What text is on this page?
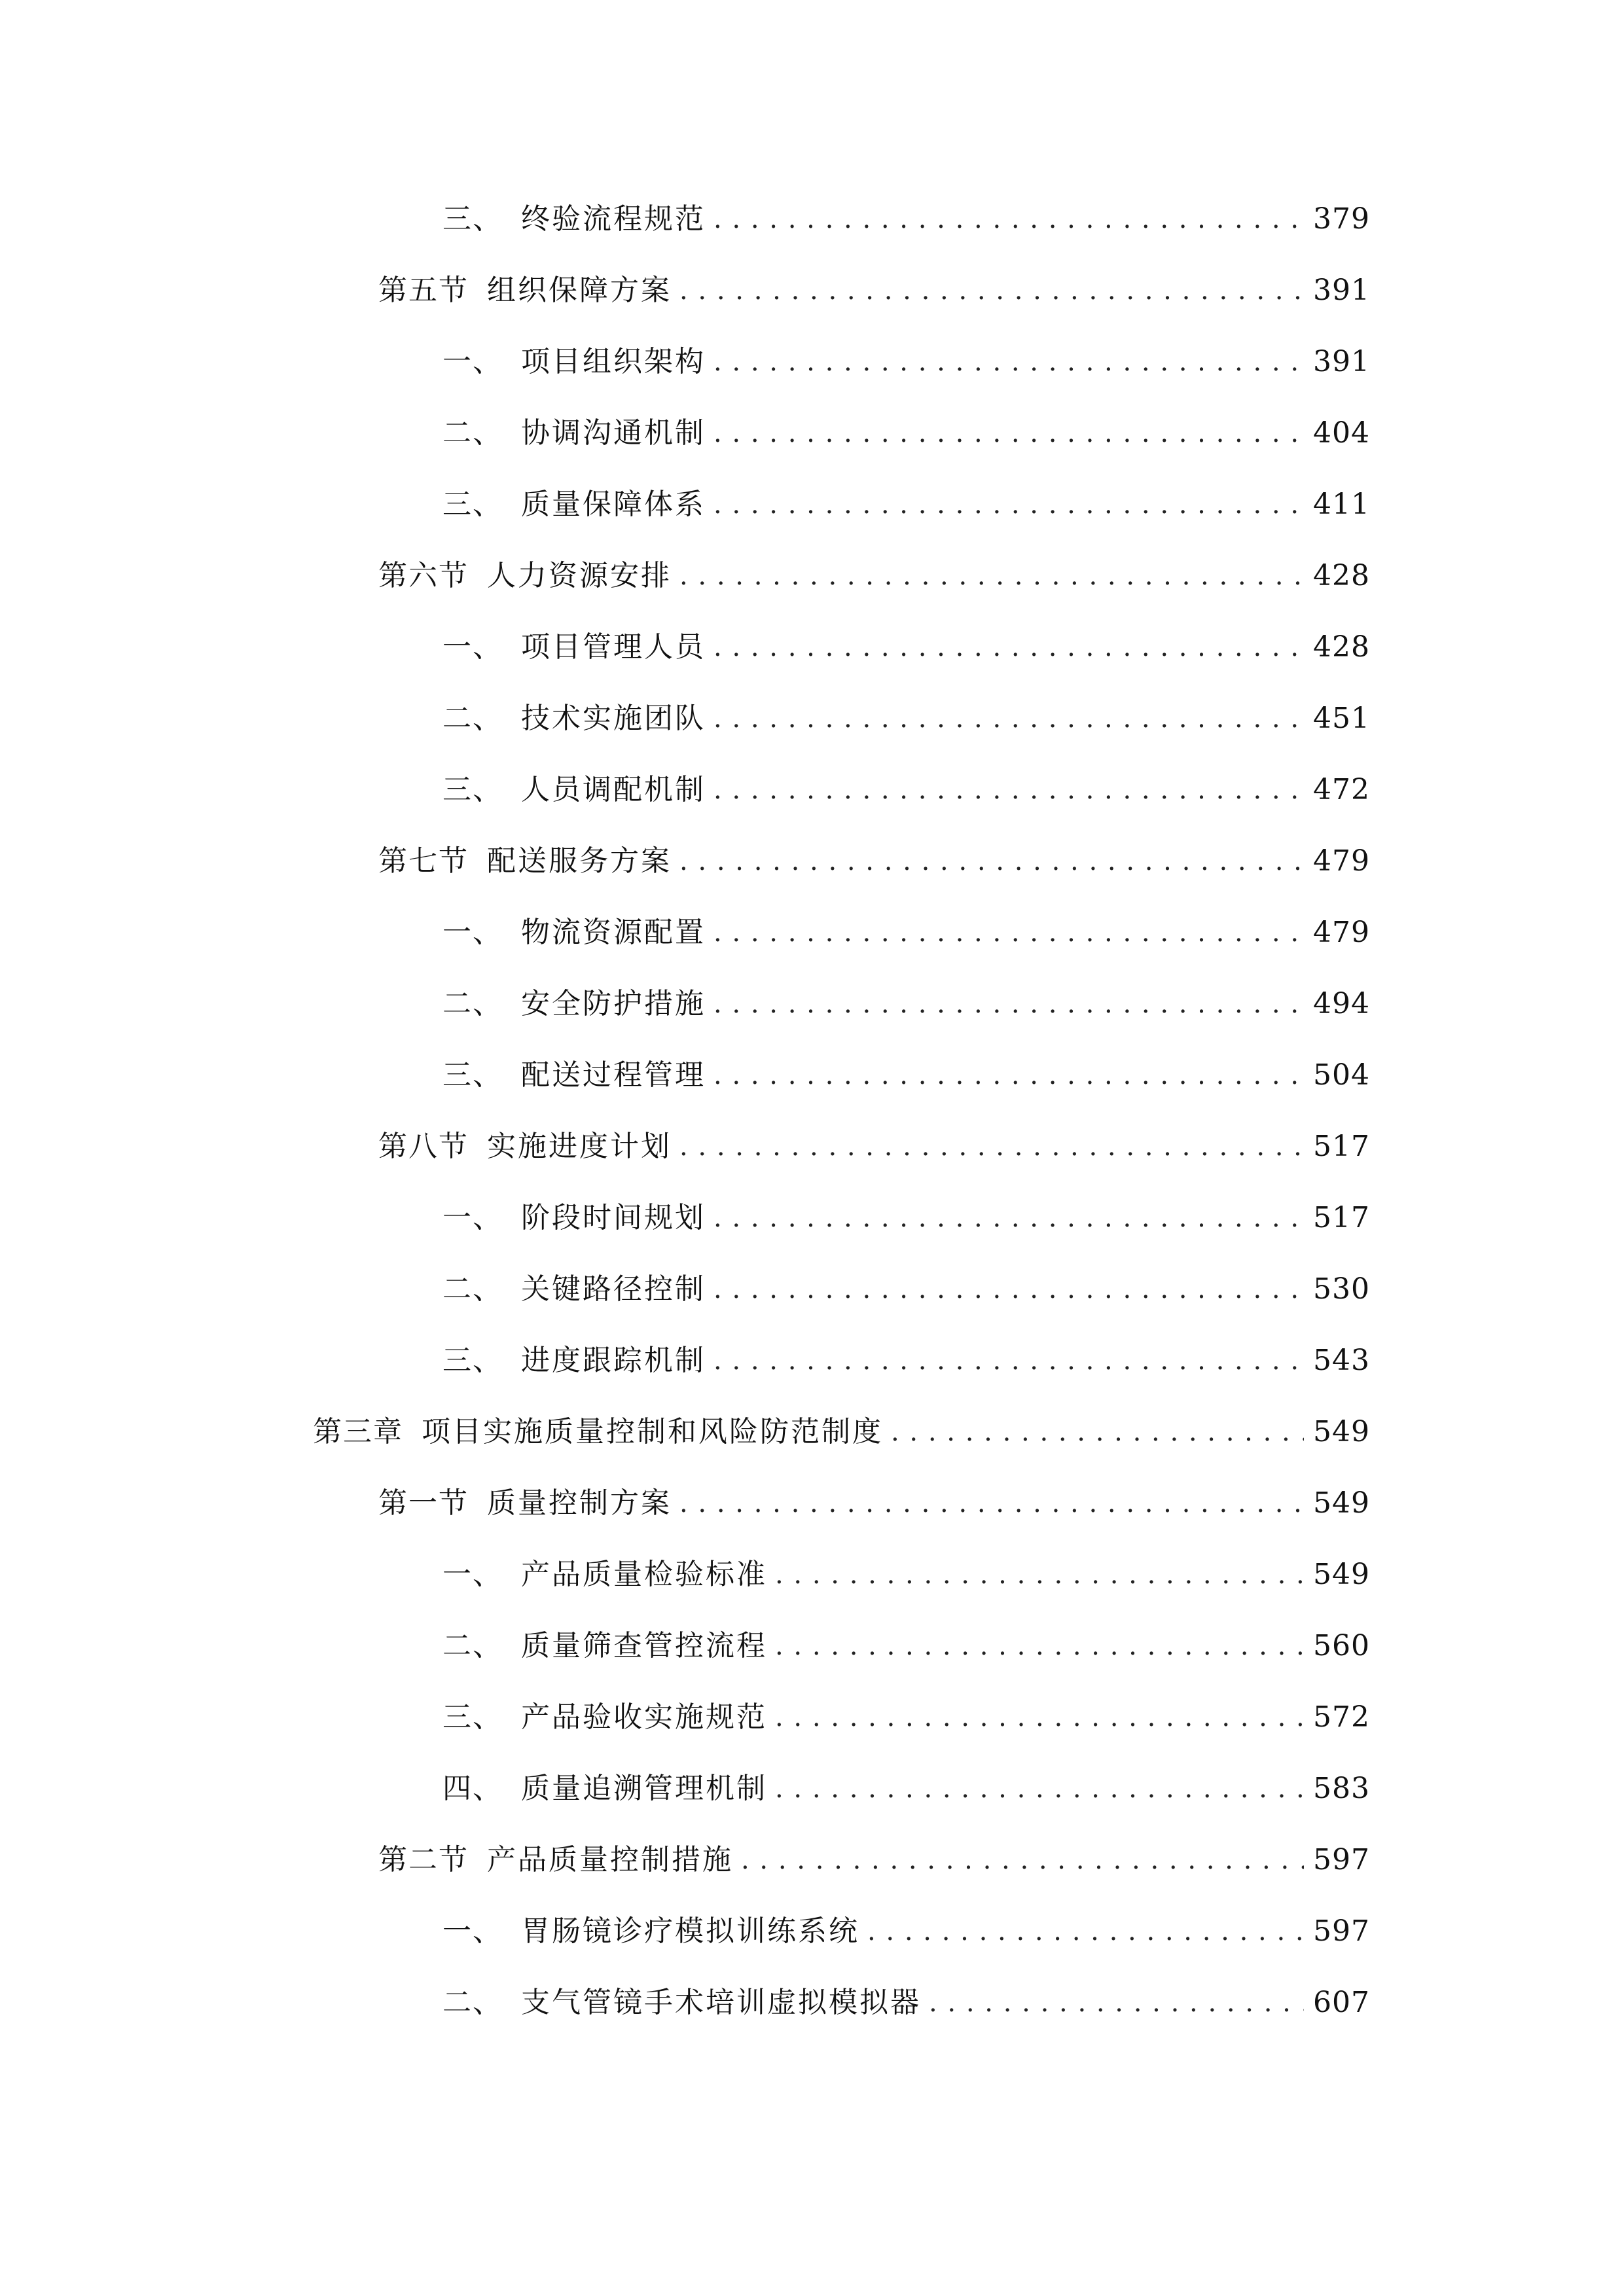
三、 终验流程规范 . . .	379
第五节 组织保障方案 . . .	391
一、 项目组织架构 . . .	391
二、 协调沟通机制 . . .	404
三、 质量保障体系 . . .	411
第六节 人力资源安排 . . .	428
一、 项目管理人员 . . .	428
二、 技术实施团队 . . .	451
三、 人员调配机制 . . .	472
第七节 配送服务方案 . . .	479
一、 物流资源配置 . . .	479
二、 安全防护措施 . . .	494
三、 配送过程管理 . . .	504
第八节 实施进度计划 . . .	517
一、 阶段时间规划 . . .	517
二、 关键路径控制 . . .	530
三、 进度跟踪机制 . . .	543
第三章 项目实施质量控制和风险防范制度 . . .	549
第一节 质量控制方案 . . .	549
一、 产品质量检验标准 . . .	549
二、 质量筛查管控流程 . . .	560
三、 产品验收实施规范 . . .	572
四、 质量追溯管理机制 . . .	583
第二节 产品质量控制措施 . . .	597
一、 胃肠镜诊疗模拟训练系统 . . .	597
二、 支气管镜手术培训虚拟模拟器 . . .	607
